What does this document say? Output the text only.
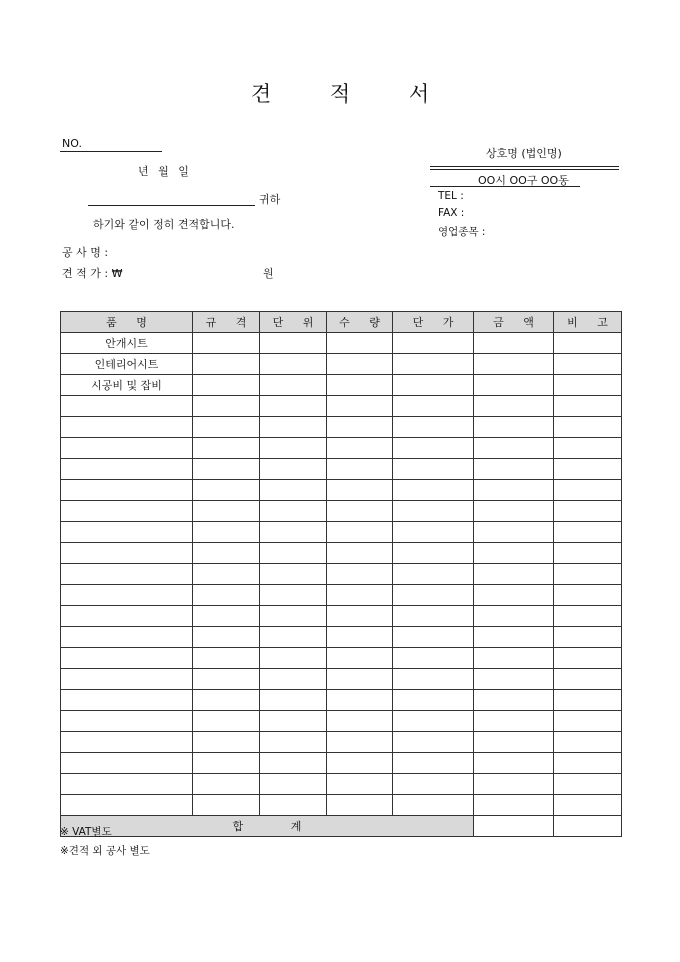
견 적 서
NO.
년 월 일
귀하
하기와 같이 정히 견적합니다.
공 사 명 :
견 적 가 : ₩	원
상호명 (법인명)
OO시 OO구 OO동
TEL :
FAX :
영업종목 :
품 명	규 격	단 위	수 량	단 가	금 액	비 고
안개시트						
인테리어시트						
시공비 및 잡비						

합 계						
※ VAT별도
※견적 외 공사 별도
